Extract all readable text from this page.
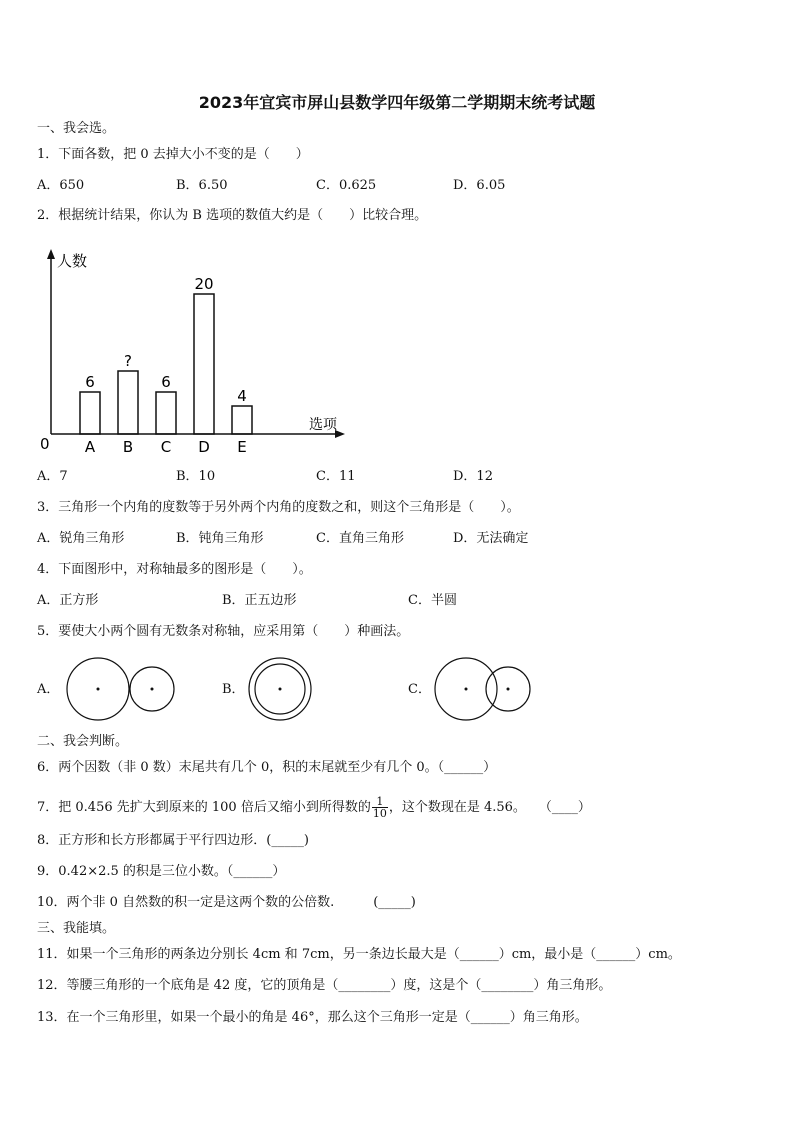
2023年宜宾市屏山县数学四年级第二学期期末统考试题
一、我会选。
1．下面各数，把 0 去掉大小不变的是（　　）
A．650	B．6.50	C．0.625	D．6.05
2．根据统计结果，你认为 B 选项的数值大约是（　　）比较合理。
人数
选项
0
6
A
?
B
6
C
20
D
4
E
A．7	B．10	C．11	D．12
3．三角形一个内角的度数等于另外两个内角的度数之和，则这个三角形是（　　）。
A．锐角三角形	B．钝角三角形	C．直角三角形	D．无法确定
4．下面图形中，对称轴最多的图形是（　　）。
A．正方形	B．正五边形	C．半圆
5．要使大小两个圆有无数条对称轴，应采用第（　　）种画法。
A．	B．	C．
二、我会判断。
6．两个因数（非 0 数）末尾共有几个 0，积的末尾就至少有几个 0。（______）
7．把 0.456 先扩大到原来的 100 倍后又缩小到所得数的 $\frac{1}{10}$ ，这个数现在是 4.56。　　（____）
8．正方形和长方形都属于平行四边形．(_____)
9．0.42×2.5 的积是三位小数。（______）
10．两个非 0 自然数的积一定是这两个数的公倍数.　　　(_____)
三、我能填。
11．如果一个三角形的两条边分别长 4cm 和 7cm，另一条边长最大是（______）cm，最小是（______）cm。
12．等腰三角形的一个底角是 42 度，它的顶角是（________）度，这是个（________）角三角形。
13．在一个三角形里，如果一个最小的角是 46°，那么这个三角形一定是（______）角三角形。
